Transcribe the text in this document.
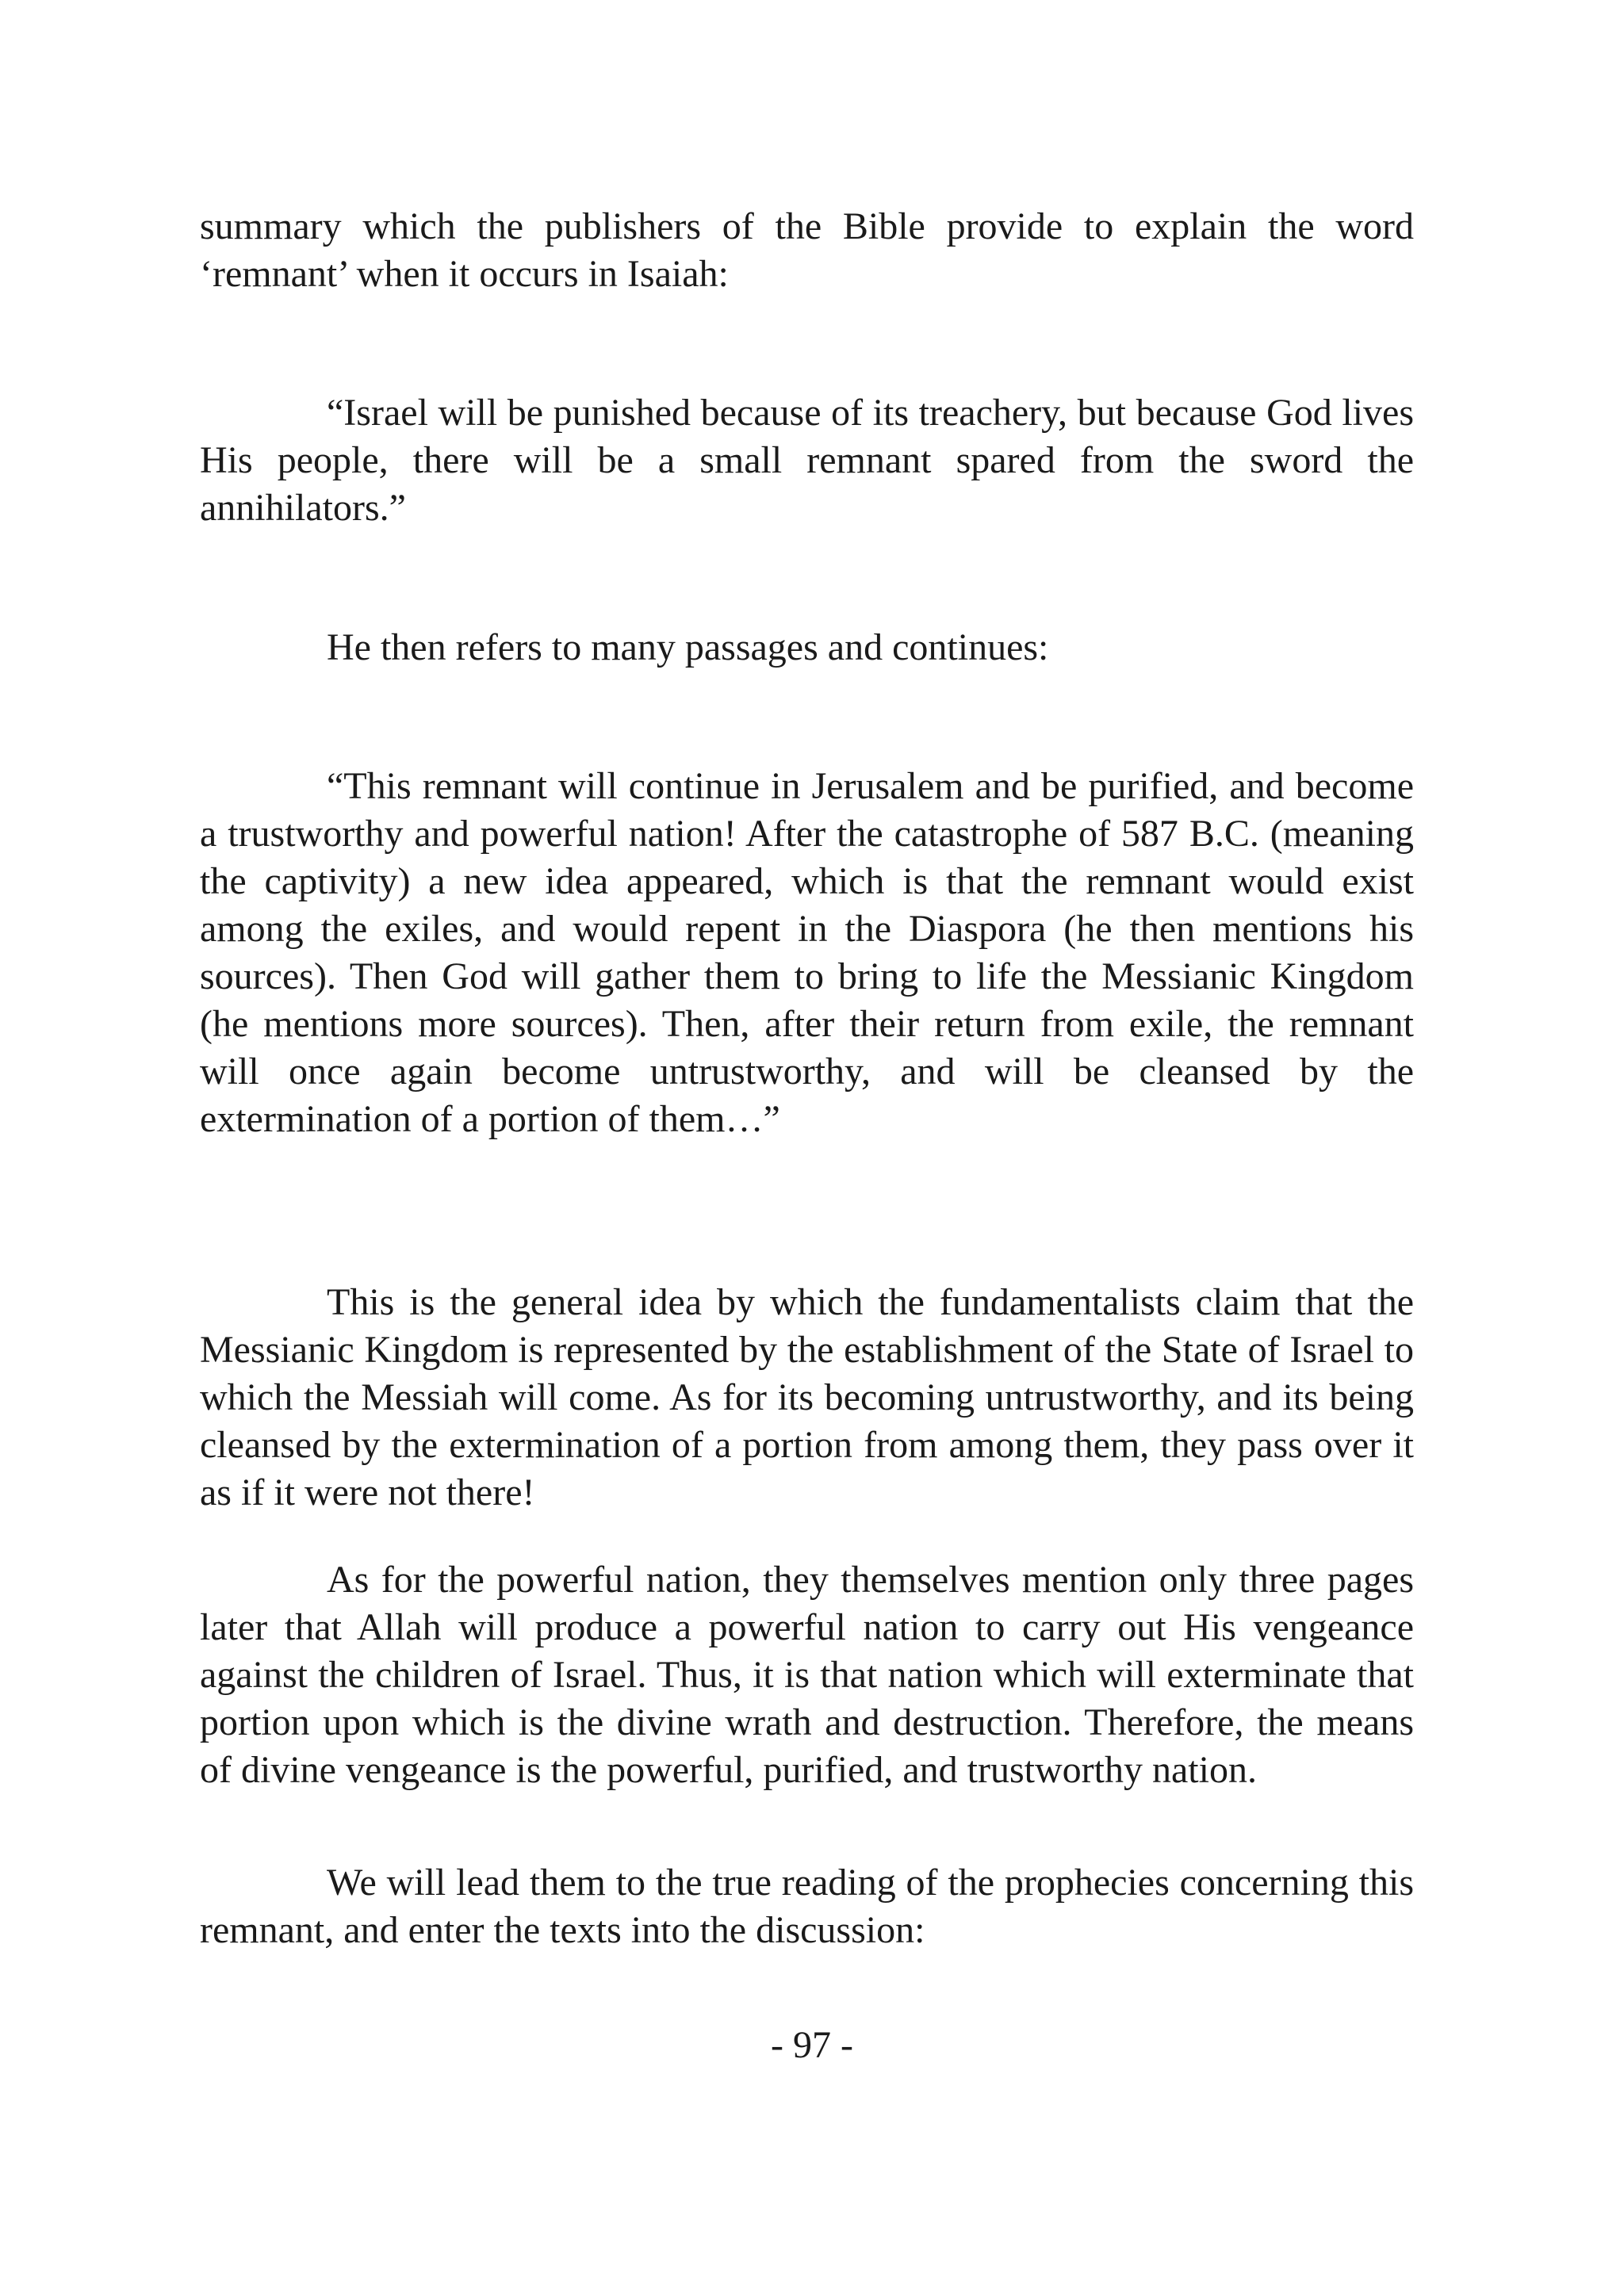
summary which the publishers of the Bible provide to explain the word ‘remnant’ when it occurs in Isaiah:

“Israel will be punished because of its treachery, but because God lives His people, there will be a small remnant spared from the sword the annihilators.”

He then refers to many passages and continues:

“This remnant will continue in Jerusalem and be purified, and become a trustworthy and powerful nation! After the catastrophe of 587 B.C. (meaning the captivity) a new idea appeared, which is that the remnant would exist among the exiles, and would repent in the Diaspora (he then mentions his sources). Then God will gather them to bring to life the Messianic Kingdom (he mentions more sources). Then, after their return from exile, the remnant will once again become untrustworthy, and will be cleansed by the extermination of a portion of them…”

This is the general idea by which the fundamentalists claim that the Messianic Kingdom is represented by the establishment of the State of Israel to which the Messiah will come. As for its becoming untrustworthy, and its being cleansed by the extermination of a portion from among them, they pass over it as if it were not there!

As for the powerful nation, they themselves mention only three pages later that Allah will produce a powerful nation to carry out His vengeance against the children of Israel. Thus, it is that nation which will exterminate that portion upon which is the divine wrath and destruction. Therefore, the means of divine vengeance is the powerful, purified, and trustworthy nation.

We will lead them to the true reading of the prophecies concerning this remnant, and enter the texts into the discussion:

- 97 -
